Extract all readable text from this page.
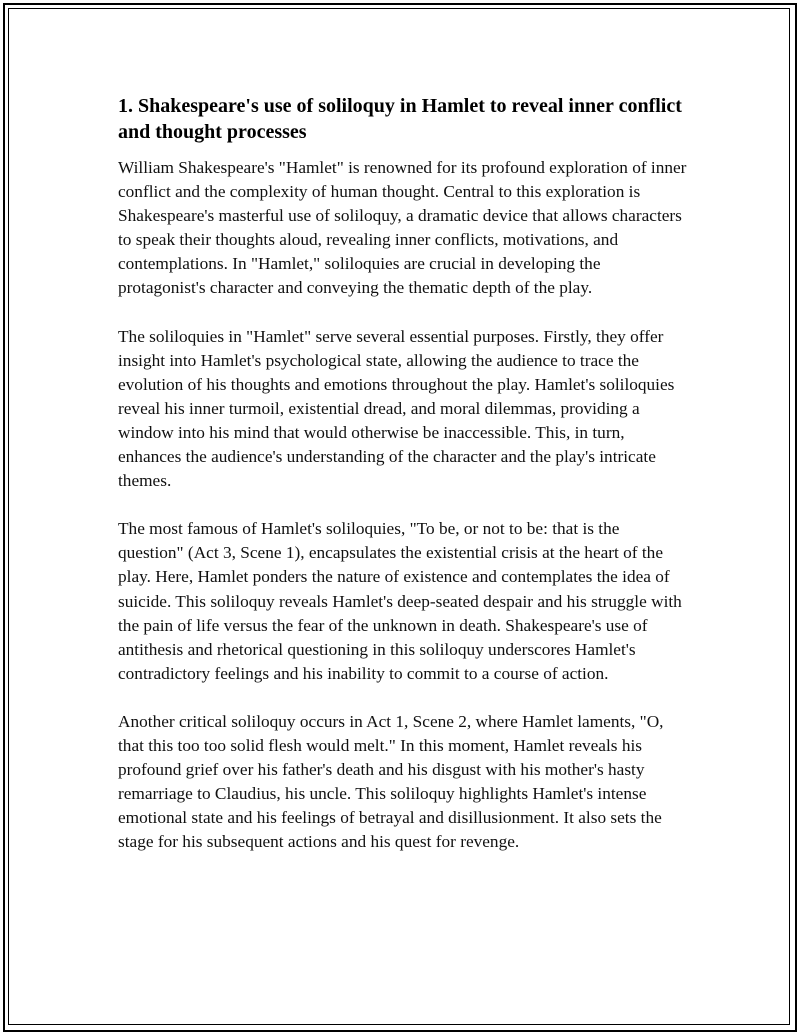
1. Shakespeare's use of soliloquy in Hamlet to reveal inner conflict and thought processes

William Shakespeare's "Hamlet" is renowned for its profound exploration of inner conflict and the complexity of human thought. Central to this exploration is Shakespeare's masterful use of soliloquy, a dramatic device that allows characters to speak their thoughts aloud, revealing inner conflicts, motivations, and contemplations. In "Hamlet," soliloquies are crucial in developing the protagonist's character and conveying the thematic depth of the play.

The soliloquies in "Hamlet" serve several essential purposes. Firstly, they offer insight into Hamlet's psychological state, allowing the audience to trace the evolution of his thoughts and emotions throughout the play. Hamlet's soliloquies reveal his inner turmoil, existential dread, and moral dilemmas, providing a window into his mind that would otherwise be inaccessible. This, in turn, enhances the audience's understanding of the character and the play's intricate themes.

The most famous of Hamlet's soliloquies, "To be, or not to be: that is the question" (Act 3, Scene 1), encapsulates the existential crisis at the heart of the play. Here, Hamlet ponders the nature of existence and contemplates the idea of suicide. This soliloquy reveals Hamlet's deep-seated despair and his struggle with the pain of life versus the fear of the unknown in death. Shakespeare's use of antithesis and rhetorical questioning in this soliloquy underscores Hamlet's contradictory feelings and his inability to commit to a course of action.

Another critical soliloquy occurs in Act 1, Scene 2, where Hamlet laments, "O, that this too too solid flesh would melt." In this moment, Hamlet reveals his profound grief over his father's death and his disgust with his mother's hasty remarriage to Claudius, his uncle. This soliloquy highlights Hamlet's intense emotional state and his feelings of betrayal and disillusionment. It also sets the stage for his subsequent actions and his quest for revenge.
